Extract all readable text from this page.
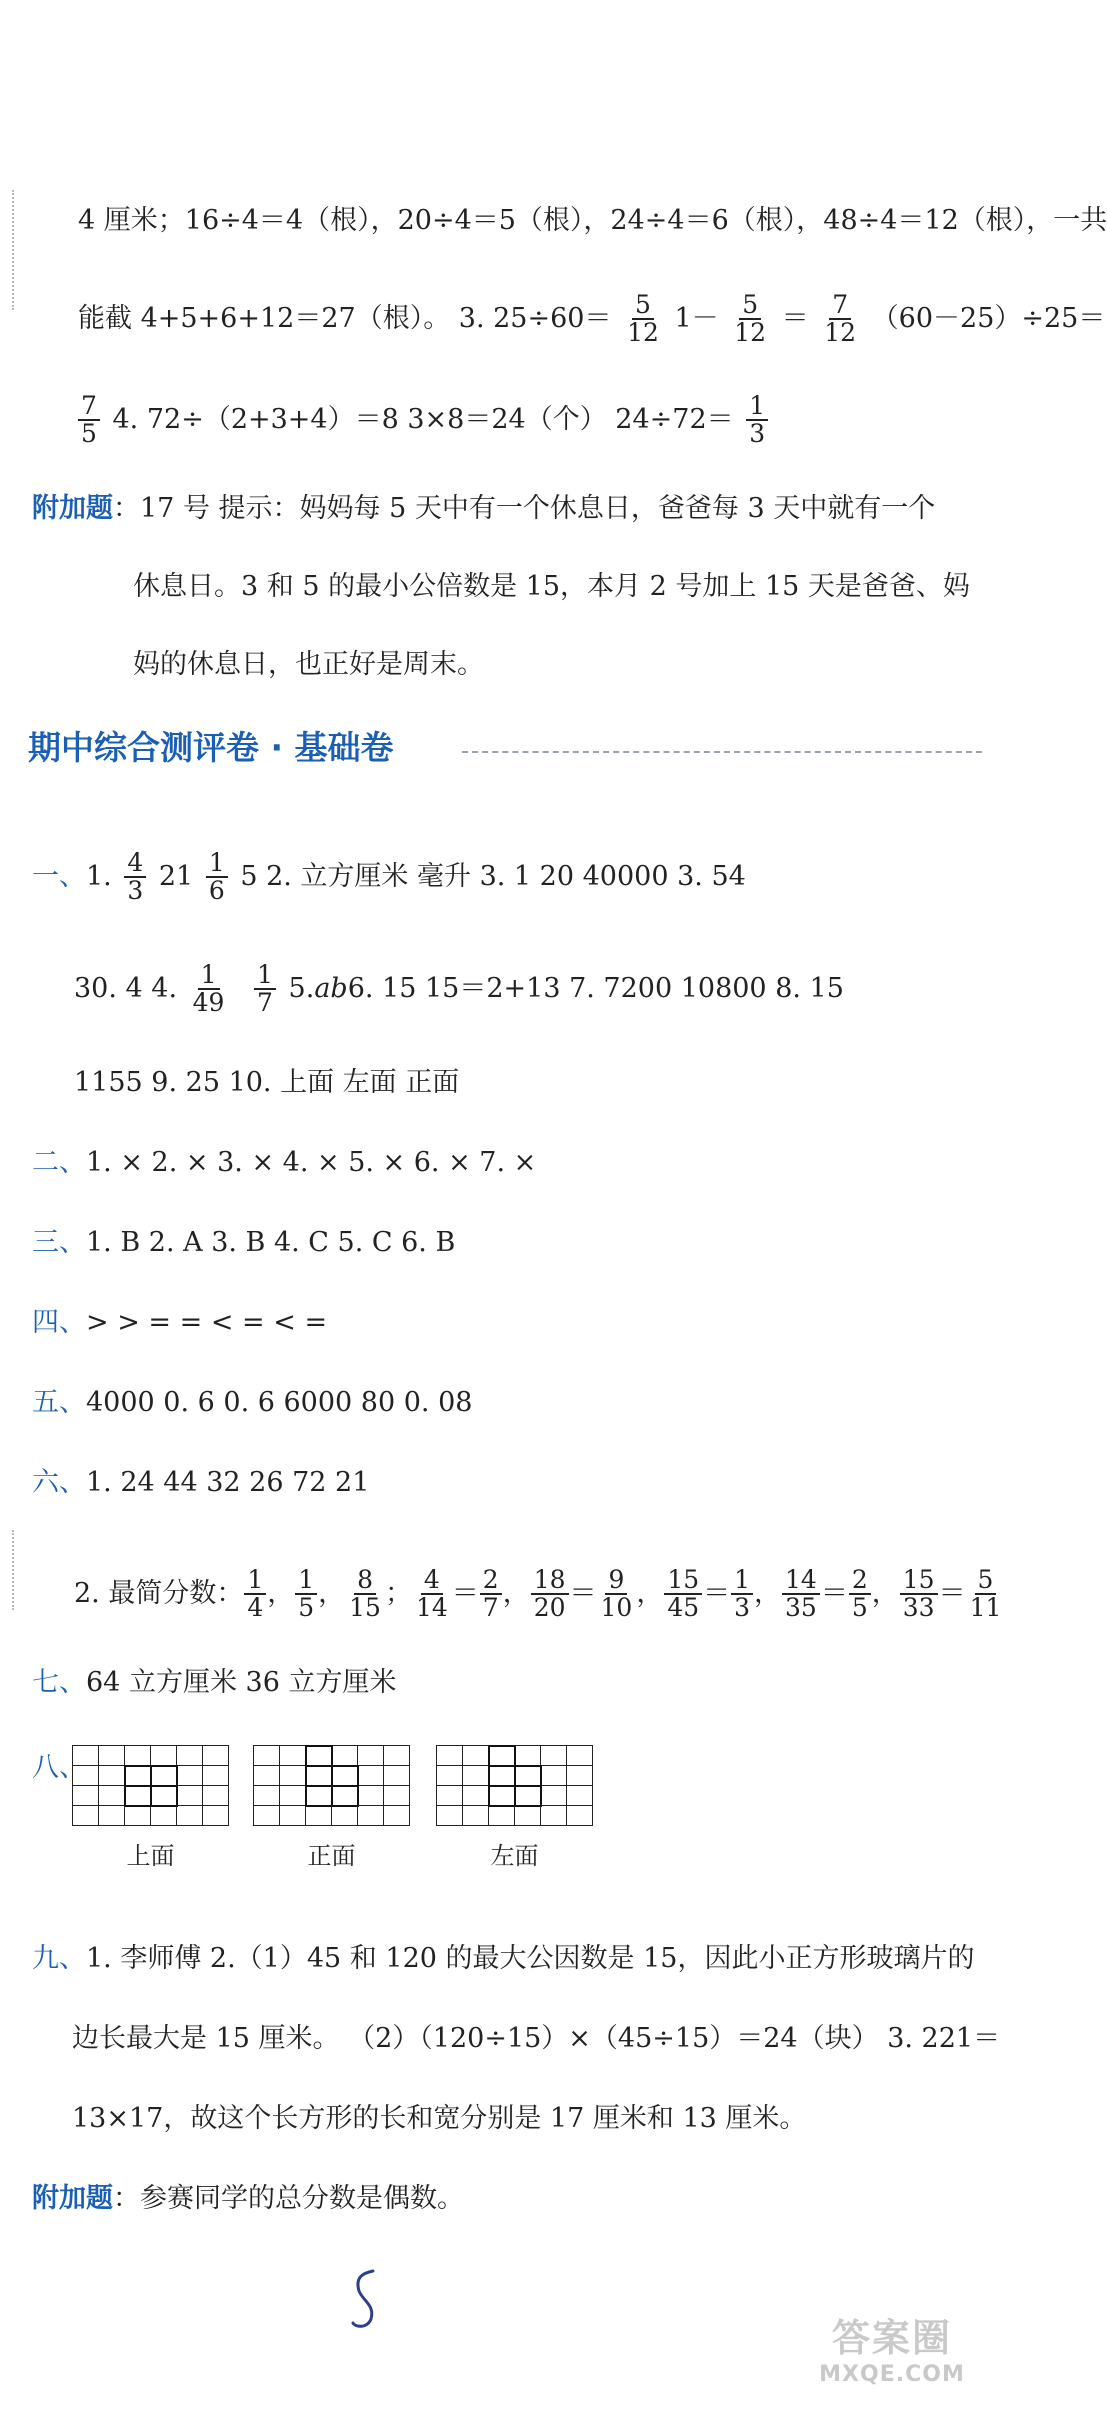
4 厘米；16÷4＝4（根），20÷4＝5（根），24÷4＝6（根），48÷4＝12（根），一共
能截 4+5+6+12＝27（根）。 3. $25\div 60= \frac{5}{12} 1- \frac{5}{12} = \frac{7}{12} (60-25)\div 25=$
$\frac{7}{5} 4$. 72÷（2+3+4）＝8 3×8＝24（个） $24\div 72= \frac{1}{3}$
附加题：17 号 提示：妈妈每 5 天中有一个休息日，爸爸每 3 天中就有一个
休息日。3 和 5 的最小公倍数是 15，本月 2 号加上 15 天是爸爸、妈
妈的休息日，也正好是周末。
期中综合测评卷 · 基础卷
一、1. $\frac{4}{3} 21 \frac{1}{6} 5$ 2. 立方厘米 毫升 3. 1 20 40000 3. 54
30. 4 4. $\frac{1}{49}$
$\frac{1}{7} 5.ab6$. 15 15＝2+13 7. 7200 10800 8. 15
1155 9. 25 10. 上面 左面 正面
二、1. × 2. × 3. × 4. × 5. × 6. × 7. ×
三、1. B 2. A 3. B 4. C 5. C 6. B
四、> > = = < = < =
五、4000 0. 6 0. 6 6000 80 0. 08
六、1. 24 44 32 26 72 21
2. 最简分数： $\frac{1}{4}$ ， $\frac{1}{5}$ ， $\frac{8}{15}$ ； $\frac{4}{14} = \frac{2}{7}$ ， $\frac{18}{20} = \frac{9}{10}$ ， $\frac{15}{45} = \frac{1}{3}$ ， $\frac{14}{35} = \frac{2}{5}$ ， $\frac{15}{33} = \frac{5}{11}$
七、64 立方厘米 36 立方厘米
八、
上面	正面	左面
九、1. 李师傅 2.（1）45 和 120 的最大公因数是 15，因此小正方形玻璃片的
边长最大是 15 厘米。 （2）（120÷15）×（45÷15）＝24（块） 3. 221＝
13×17，故这个长方形的长和宽分别是 17 厘米和 13 厘米。
附加题：参赛同学的总分数是偶数。
答案圈
MXQE.COM
